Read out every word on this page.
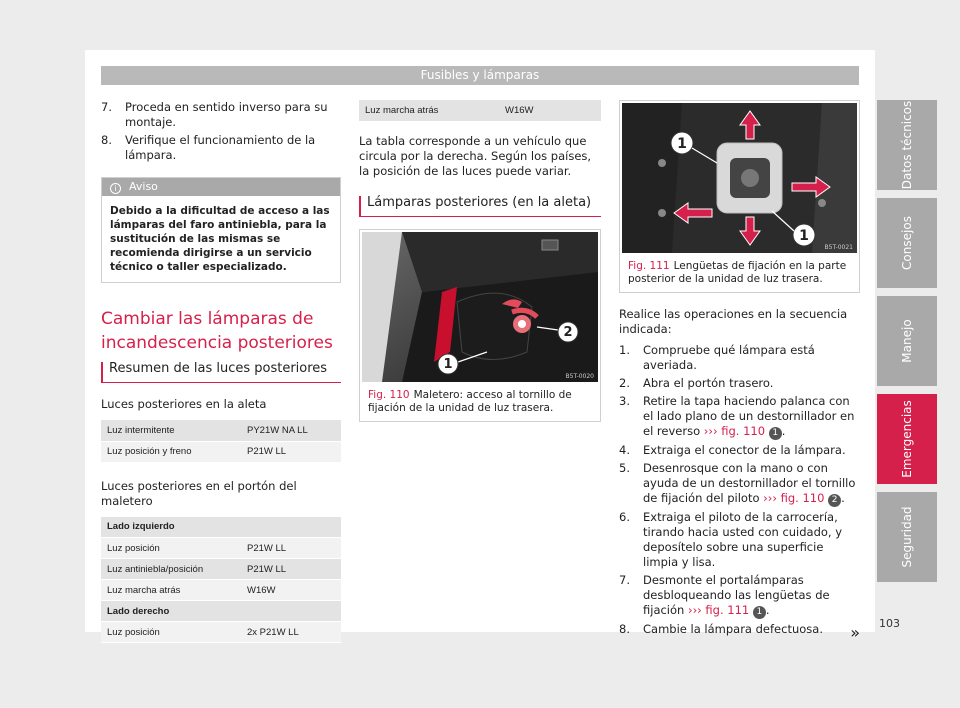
Fusibles y lámparas
7. Proceda en sentido inverso para su montaje.
8. Verifique el funcionamiento de la lámpara.
i Aviso
Debido a la dificultad de acceso a las lámparas del faro antiniebla, para la sustitución de las mismas se recomienda dirigirse a un servicio técnico o taller especializado.
Cambiar las lámparas de incandescencia posteriores
Resumen de las luces posteriores
Luces posteriores en la aleta
Luz intermitente	PY21W NA LL
Luz posición y freno	P21W LL
Luces posteriores en el portón del maletero
Lado izquierdo	
Luz posición	P21W LL
Luz antiniebla/posición	P21W LL
Luz marcha atrás	W16W
Lado derecho	
Luz posición	2x P21W LL
Luz marcha atrás	W16W

La tabla corresponde a un vehículo que circula por la derecha. Según los países, la posición de las luces puede variar.

Lámparas posteriores (en la aleta)
2
1
B5T-0020
Fig. 110 Maletero: acceso al tornillo de fijación de la unidad de luz trasera.
1
1
B5T-0021
Fig. 111 Lengüetas de fijación en la parte posterior de la unidad de luz trasera.

Realice las operaciones en la secuencia indicada:

1. Compruebe qué lámpara está averiada.
2. Abra el portón trasero.
3. Retire la tapa haciendo palanca con el lado plano de un destornillador en el reverso ››› fig. 110 1 .
4. Extraiga el conector de la lámpara.
5. Desenrosque con la mano o con ayuda de un destornillador el tornillo de fijación del piloto ››› fig. 110 2 .
6. Extraiga el piloto de la carrocería, tirando hacia usted con cuidado, y deposítelo sobre una superficie limpia y lisa.
7. Desmonte el portalámparas desbloqueando las lengüetas de fijación ››› fig. 111 1 .
8. Cambie la lámpara defectuosa.	»
Datos técnicos
Consejos
Manejo
Emergencias
Seguridad
103
